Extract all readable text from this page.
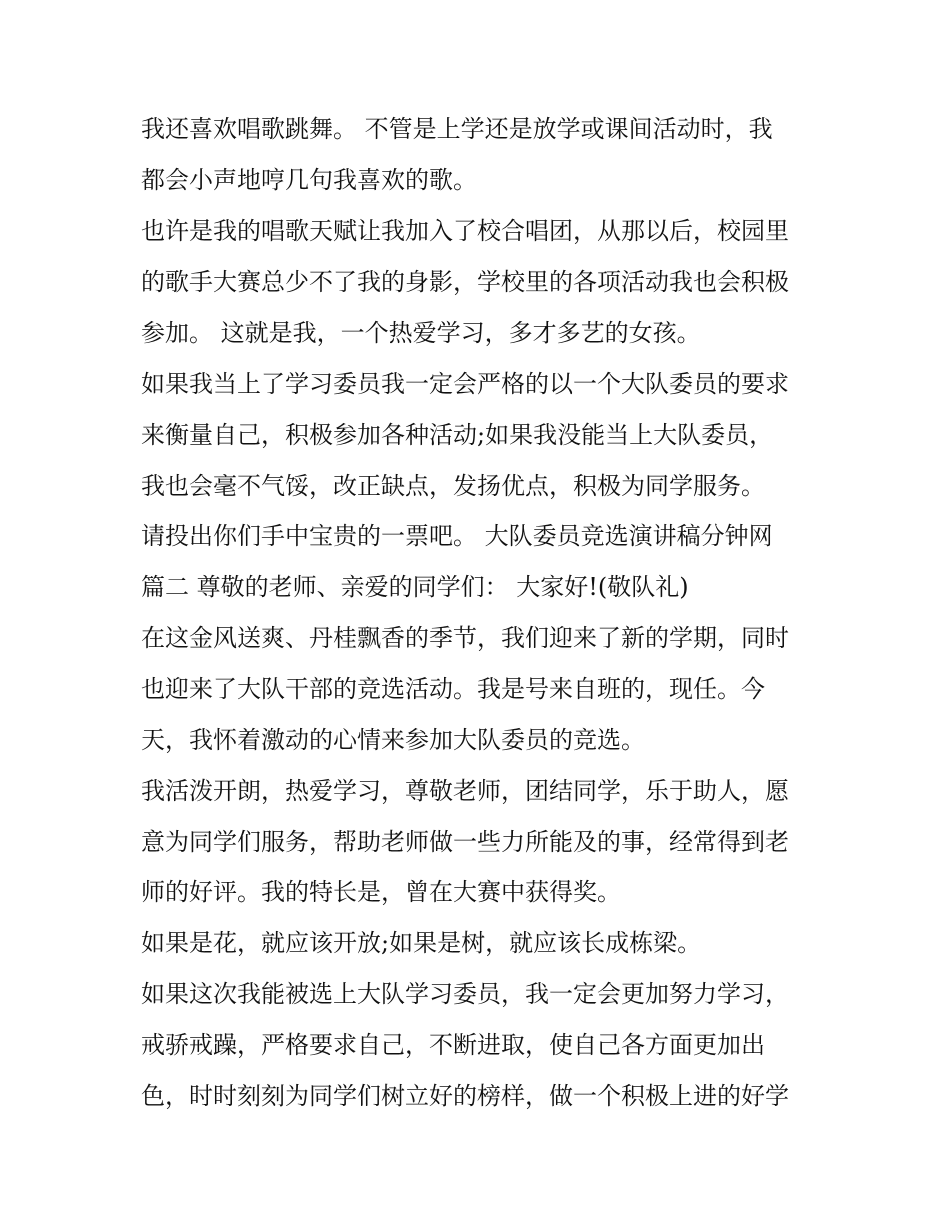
我还喜欢唱歌跳舞。 不管是上学还是放学或课间活动时，我
都会小声地哼几句我喜欢的歌。
也许是我的唱歌天赋让我加入了校合唱团，从那以后，校园里
的歌手大赛总少不了我的身影，学校里的各项活动我也会积极
参加。 这就是我，一个热爱学习，多才多艺的女孩。
如果我当上了学习委员我一定会严格的以一个大队委员的要求
来衡量自己，积极参加各种活动;如果我没能当上大队委员，
我也会毫不气馁，改正缺点，发扬优点，积极为同学服务。
请投出你们手中宝贵的一票吧。 大队委员竞选演讲稿分钟网
篇二 尊敬的老师、亲爱的同学们： 大家好!(敬队礼)
在这金风送爽、丹桂飘香的季节，我们迎来了新的学期，同时
也迎来了大队干部的竞选活动。我是号来自班的，现任。今
天，我怀着激动的心情来参加大队委员的竞选。
我活泼开朗，热爱学习，尊敬老师，团结同学，乐于助人，愿
意为同学们服务，帮助老师做一些力所能及的事，经常得到老
师的好评。我的特长是，曾在大赛中获得奖。
如果是花，就应该开放;如果是树，就应该长成栋梁。
如果这次我能被选上大队学习委员，我一定会更加努力学习，
戒骄戒躁，严格要求自己，不断进取，使自己各方面更加出
色，时时刻刻为同学们树立好的榜样，做一个积极上进的好学
